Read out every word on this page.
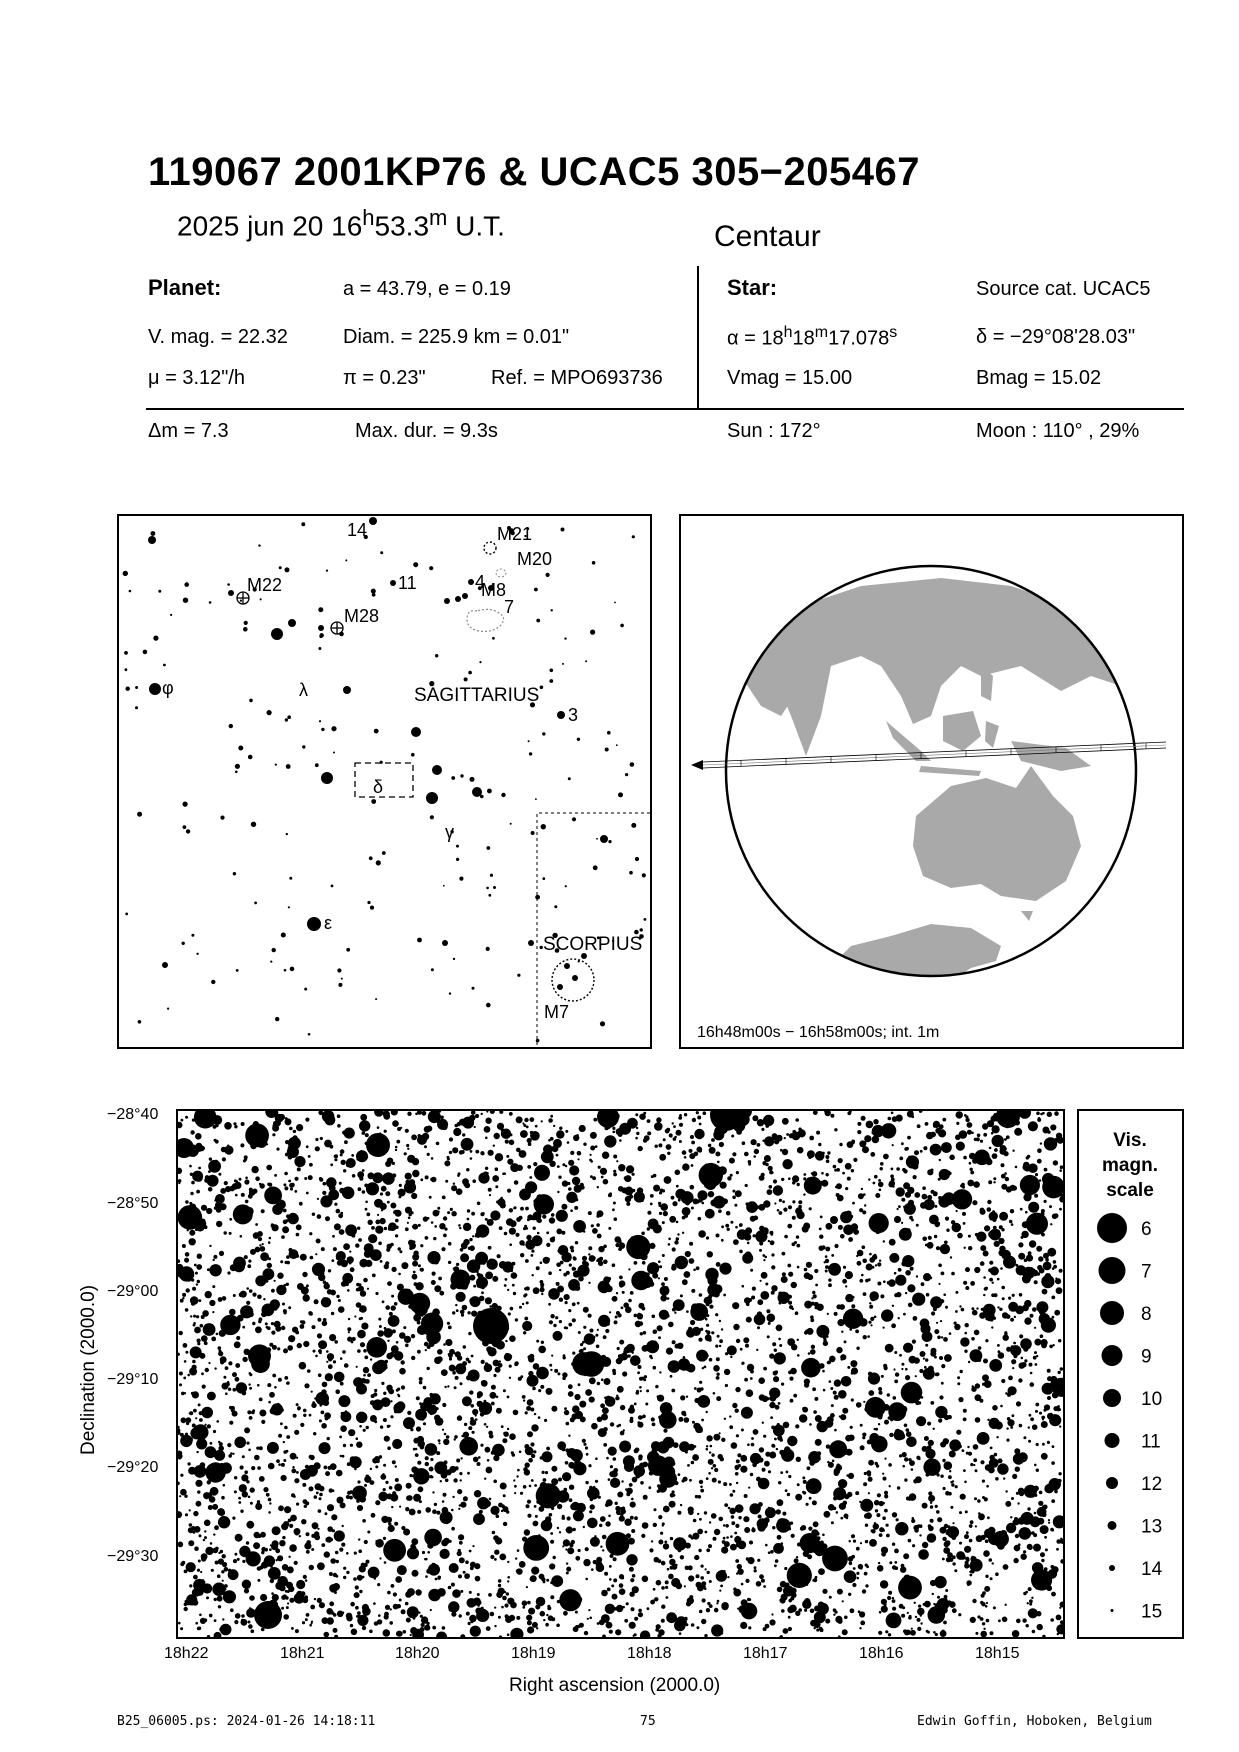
119067 2001KP76 & UCAC5 305−205467
2025 jun 20 16$^h$53.3$^m$ U.T.	Centaur
Planet:	a = 43.79, e = 0.19
V. mag. = 22.32	Diam. = 225.9 km = 0.01"
μ = 3.12"/h	π = 0.23"	Ref. = MPO693736
Star:	Source cat. UCAC5
$\alpha = 18^h18^m17.078^s$	δ = −29°08'28.03"
Vmag = 15.00	Bmag = 15.02
Δm = 7.3	Max. dur. = 9.3s	Sun : 172°	Moon : 110° , 29%
SAGITTARIUS
SCORPIUS
14	M21
M20
M22	11	M8
4
7
M28
λ
φ
3
δ
γ
ε
M7
16h48m00s − 16h58m00s; int. 1m
Declination (2000.0)
−28°40
−28°50
−29°00
−29°10
−29°20
−29°30
18h22	18h21	18h20	18h19	18h18	18h17	18h16	18h15
Right ascension (2000.0)
Vis.
magn.
scale
6
7
8
9
10
11
12
13
14
15
B25_06005.ps: 2024-01-26 14:18:11	75	Edwin Goffin, Hoboken, Belgium
